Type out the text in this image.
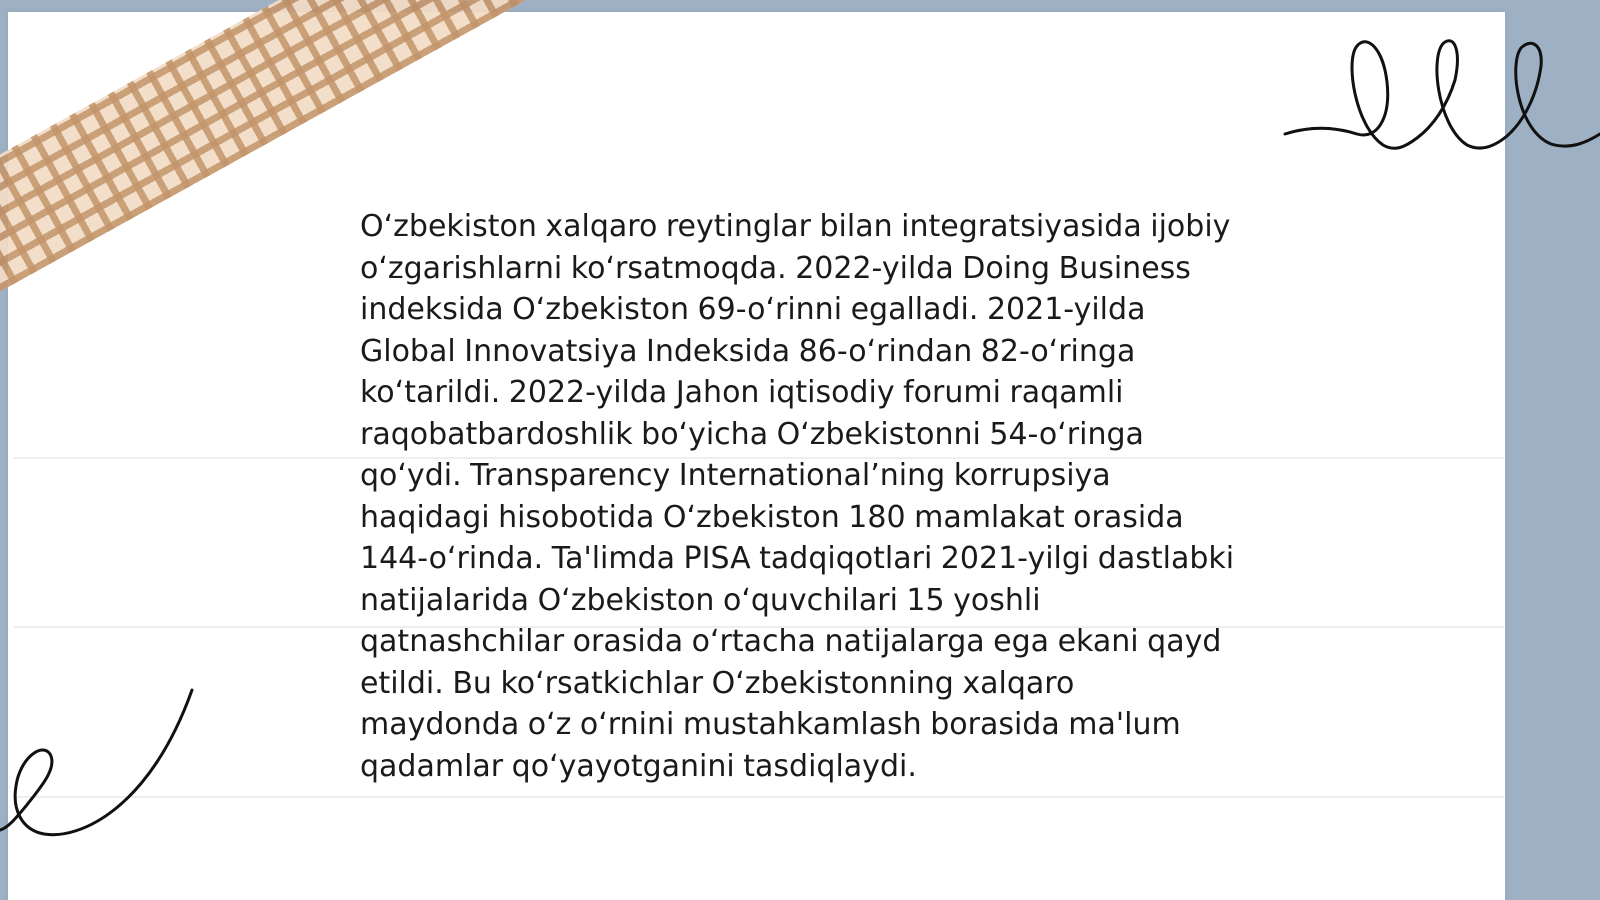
O‘zbekiston xalqaro reytinglar bilan integratsiyasida ijobiy o‘zgarishlarni ko‘rsatmoqda. 2022-yilda Doing Business indeksida O‘zbekiston 69-o‘rinni egalladi. 2021-yilda Global Innovatsiya Indeksida 86-o‘rindan 82-o‘ringa ko‘tarildi. 2022-yilda Jahon iqtisodiy forumi raqamli raqobatbardoshlik bo‘yicha O‘zbekistonni 54-o‘ringa qo‘ydi. Transparency International’ning korrupsiya haqidagi hisobotida O‘zbekiston 180 mamlakat orasida 144-o‘rinda. Ta'limda PISA tadqiqotlari 2021-yilgi dastlabki natijalarida O‘zbekiston o‘quvchilari 15 yoshli qatnashchilar orasida o‘rtacha natijalarga ega ekani qayd etildi. Bu ko‘rsatkichlar O‘zbekistonning xalqaro maydonda o‘z o‘rnini mustahkamlash borasida ma'lum qadamlar qo‘yayotganini tasdiqlaydi.
